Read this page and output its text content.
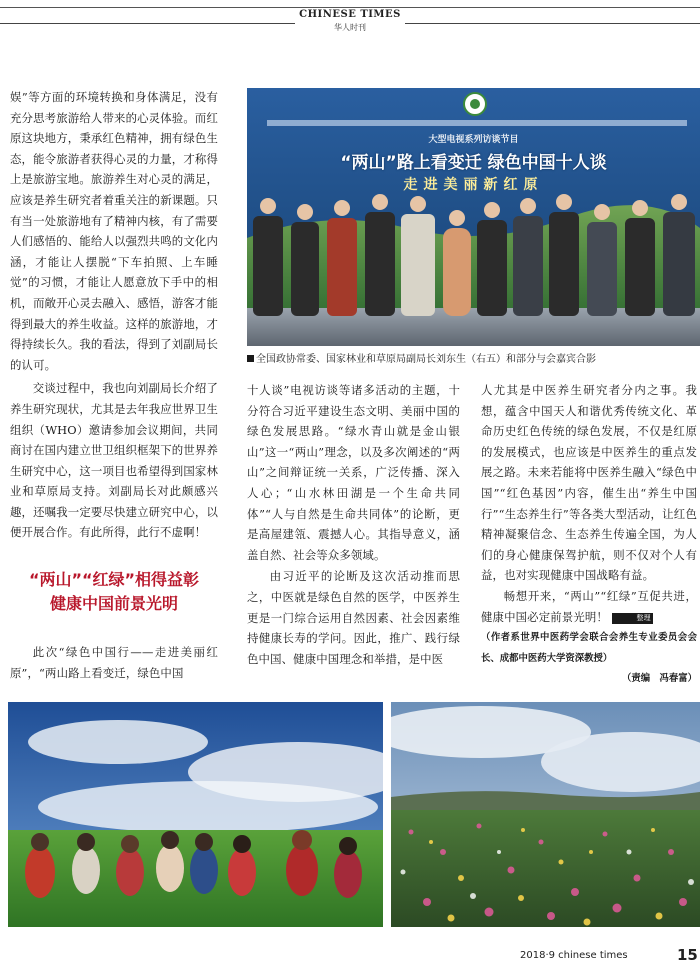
CHINESE TIMES
华人时刊

娱”等方面的环境转换和身体满足，没有充分思考旅游给人带来的心灵体验。而红原这块地方，秉承红色精神，拥有绿色生态，能令旅游者获得心灵的力量，才称得上是旅游宝地。旅游养生对心灵的满足，应该是养生研究者着重关注的新课题。只有当一处旅游地有了精神内核，有了需要人们感悟的、能给人以强烈共鸣的文化内涵，才能让人摆脱“下车拍照、上车睡觉”的习惯，才能让人愿意放下手中的相机，而敞开心灵去融入、感悟，游客才能得到最大的养生收益。这样的旅游地，才得持续长久。我的看法，得到了刘副局长的认可。

交谈过程中，我也向刘副局长介绍了养生研究现状，尤其是去年我应世界卫生组织（WHO）邀请参加会议期间，共同商讨在国内建立世卫组织框架下的世界养生研究中心，这一项目也希望得到国家林业和草原局支持。刘副局长对此颇感兴趣，还嘱我一定要尽快建立研究中心，以便开展合作。有此所得，此行不虚啊！

“两山”“红绿”相得益彰
健康中国前景光明

此次“绿色中国行——走进美丽红原”，“两山路上看变迁，绿色中国

大型电视系列访谈节目
“两山”路上看变迁 绿色中国十人谈
走进美丽新红原
全国政协常委、国家林业和草原局副局长刘东生（右五）和部分与会嘉宾合影

十人谈”电视访谈等诸多活动的主题，十分符合习近平建设生态文明、美丽中国的绿色发展思路。“绿水青山就是金山银山”这一“两山”理念，以及多次阐述的“两山”之间辩证统一关系，广泛传播、深入人心；“山水林田湖是一个生命共同体”“人与自然是生命共同体”的论断，更是高屋建瓴、震撼人心。其指导意义，涵盖自然、社会等众多领域。

由习近平的论断及这次活动推而思之，中医就是绿色自然的医学，中医养生更是一门综合运用自然因素、社会因素维持健康长寿的学问。因此，推广、践行绿色中国、健康中国理念和举措，是中医

人尤其是中医养生研究者分内之事。我想，蕴含中国天人和谐优秀传统文化、革命历史红色传统的绿色发展，不仅是红原的发展模式，也应该是中医养生的重点发展之路。未来若能将中医养生融入“绿色中国”“红色基因”内容，催生出“养生中国行”“生态养生行”等各类大型活动，让红色精神凝聚信念、生态养生传遍全国，为人们的身心健康保驾护航，则不仅对个人有益，也对实现健康中国战略有益。

畅想开来，“两山”“红绿”互促共进，健康中国必定前景光明！	整理

（作者系世界中医药学会联合会养生专业委员会会长、成都中医药大学资深教授）

（责编　冯春富）

2018·9 chinese times	15
